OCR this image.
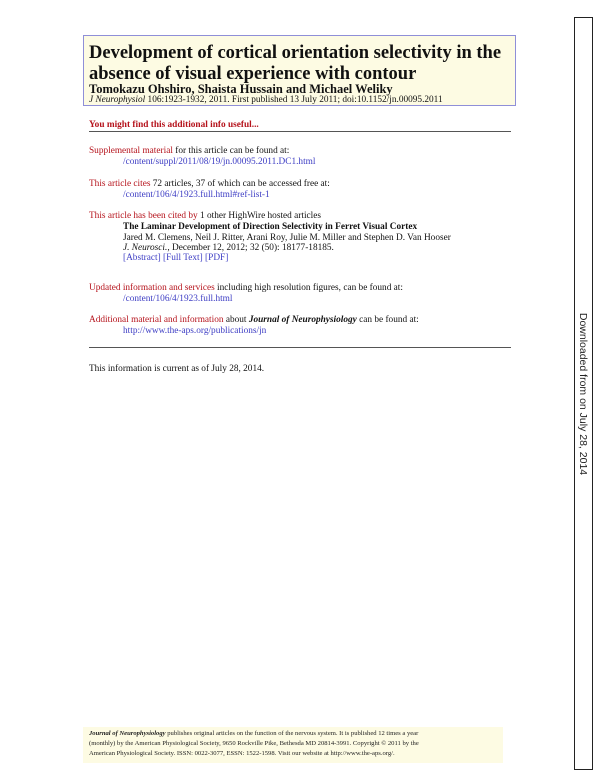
Development of cortical orientation selectivity in the
absence of visual experience with contour
Tomokazu Ohshiro, Shaista Hussain and Michael Weliky
J Neurophysiol 106:1923-1932, 2011. First published 13 July 2011; doi:10.1152/jn.00095.2011
You might find this additional info useful...
Supplemental material for this article can be found at:
/content/suppl/2011/08/19/jn.00095.2011.DC1.html
This article cites 72 articles, 37 of which can be accessed free at:
/content/106/4/1923.full.html#ref-list-1
This article has been cited by 1 other HighWire hosted articles
The Laminar Development of Direction Selectivity in Ferret Visual Cortex
Jared M. Clemens, Neil J. Ritter, Arani Roy, Julie M. Miller and Stephen D. Van Hooser
J. Neurosci., December 12, 2012; 32 (50): 18177-18185.
[Abstract] [Full Text] [PDF]
Updated information and services including high resolution figures, can be found at:
/content/106/4/1923.full.html
Additional material and information about Journal of Neurophysiology can be found at:
http://www.the-aps.org/publications/jn
This information is current as of July 28, 2014.	Downloaded from on July 28, 2014
Journal of Neurophysiology publishes original articles on the function of the nervous system. It is published 12 times a year
(monthly) by the American Physiological Society, 9650 Rockville Pike, Bethesda MD 20814-3991. Copyright © 2011 by the
American Physiological Society. ISSN: 0022-3077, ESSN: 1522-1598. Visit our website at http://www.the-aps.org/.
